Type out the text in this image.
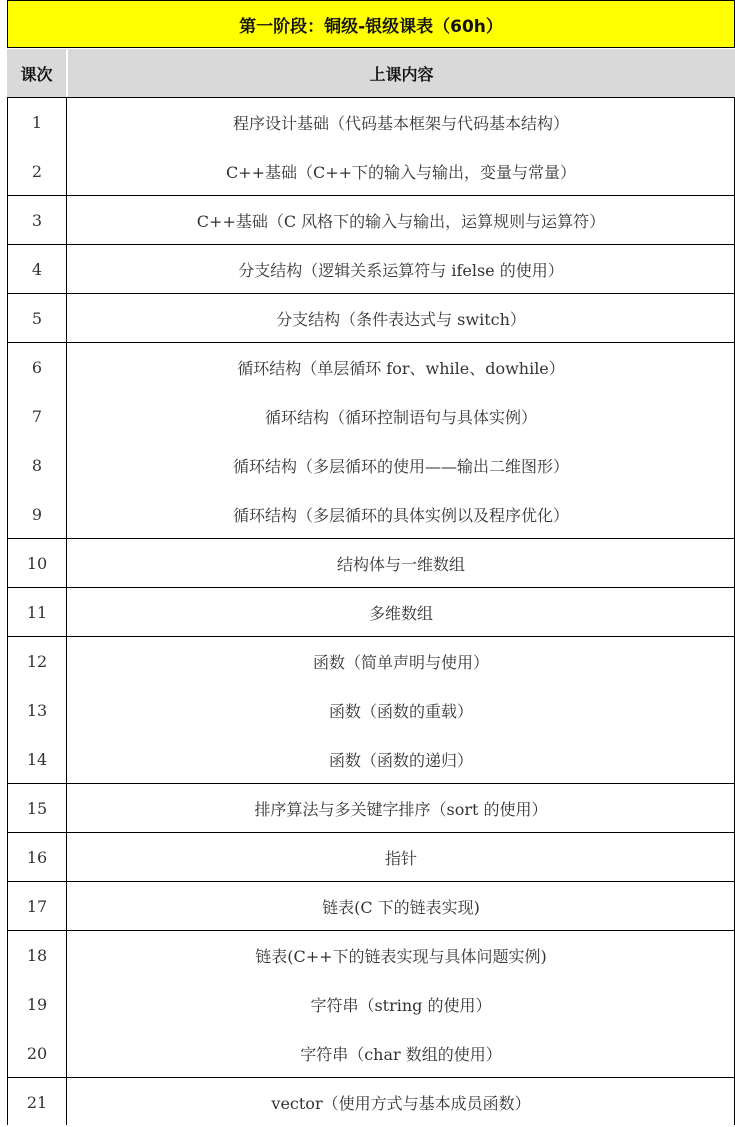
第一阶段：铜级-银级课表（60h）
课次	上课内容
1	程序设计基础（代码基本框架与代码基本结构）
2	C++基础（C++下的输入与输出，变量与常量）
3	C++基础（C 风格下的输入与输出，运算规则与运算符）
4	分支结构（逻辑关系运算符与 ifelse 的使用）
5	分支结构（条件表达式与 switch）
6	循环结构（单层循环 for、while、dowhile）
7	循环结构（循环控制语句与具体实例）
8	循环结构（多层循环的使用——输出二维图形）
9	循环结构（多层循环的具体实例以及程序优化）
10	结构体与一维数组
11	多维数组
12	函数（简单声明与使用）
13	函数（函数的重载）
14	函数（函数的递归）
15	排序算法与多关键字排序（sort 的使用）
16	指针
17	链表(C 下的链表实现)
18	链表(C++下的链表实现与具体问题实例)
19	字符串（string 的使用）
20	字符串（char 数组的使用）
21	vector（使用方式与基本成员函数）
